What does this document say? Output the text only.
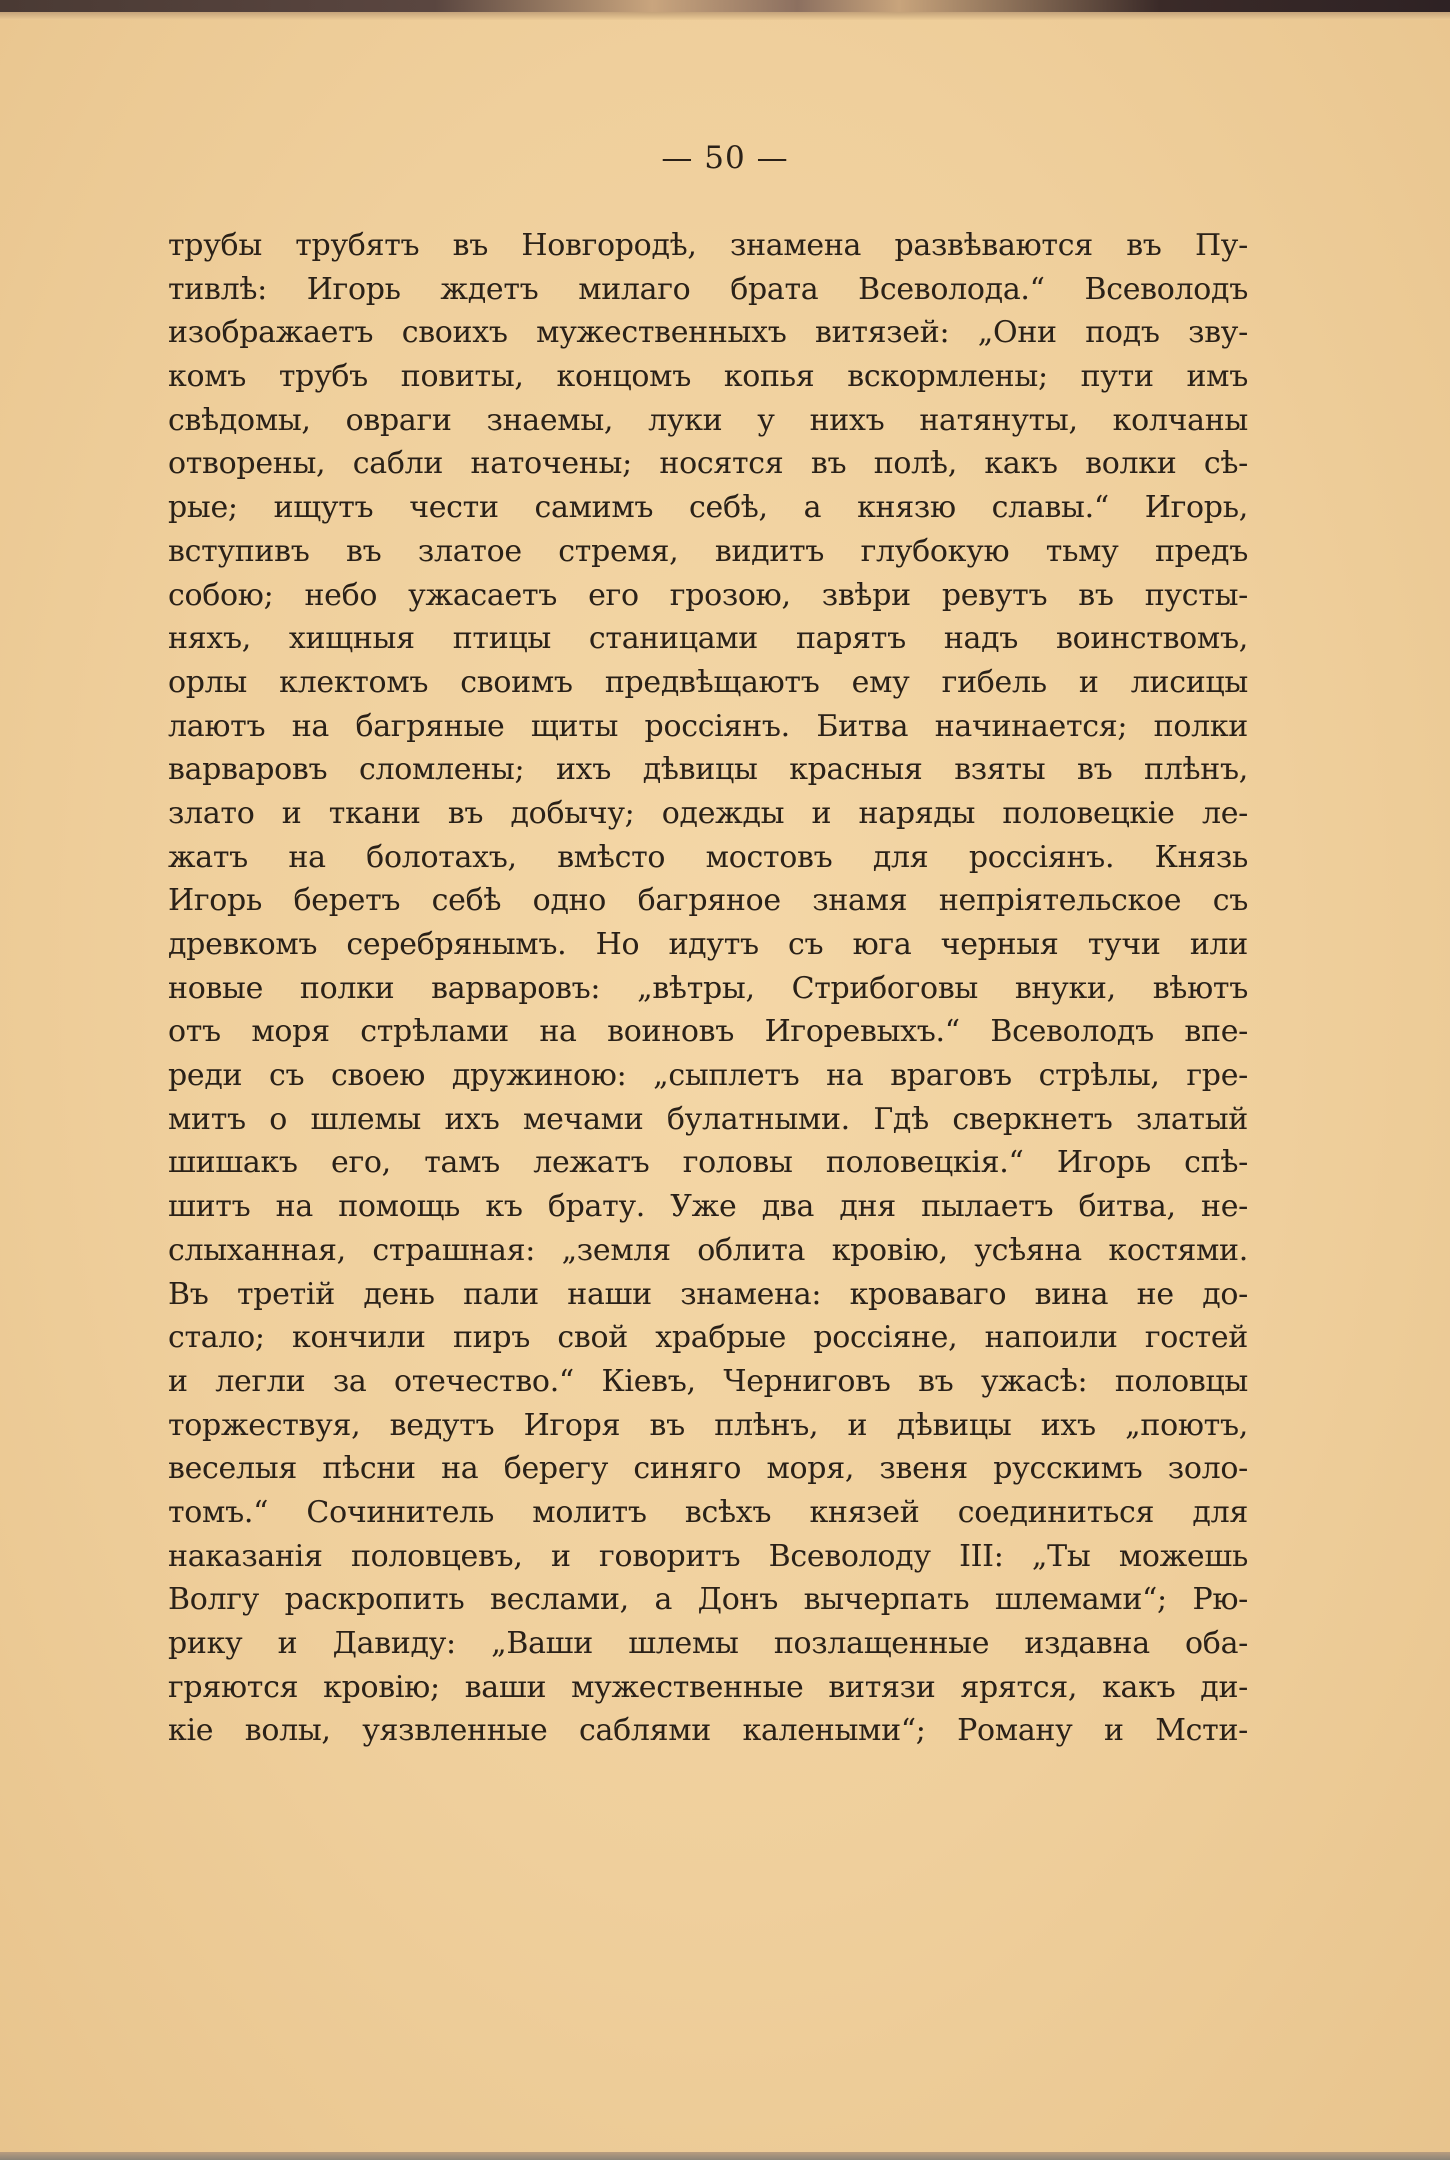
— 50 —
трубы трубятъ въ Новгородѣ, знамена развѣваются въ Пу-
тивлѣ: Игорь ждетъ милаго брата Всеволода.“ Всеволодъ
изображаетъ своихъ мужественныхъ витязей: „Они подъ зву-
комъ трубъ повиты, концомъ копья вскормлены; пути имъ
свѣдомы, овраги знаемы, луки у нихъ натянуты, колчаны
отворены, сабли наточены; носятся въ полѣ, какъ волки сѣ-
рые; ищутъ чести самимъ себѣ, а князю славы.“ Игорь,
вступивъ въ златое стремя, видитъ глубокую тьму предъ
собою; небо ужасаетъ его грозою, звѣри ревутъ въ пусты-
няхъ, хищныя птицы станицами парятъ надъ воинствомъ,
орлы клектомъ своимъ предвѣщаютъ ему гибель и лисицы
лаютъ на багряные щиты россіянъ. Битва начинается; полки
варваровъ сломлены; ихъ дѣвицы красныя взяты въ плѣнъ,
злато и ткани въ добычу; одежды и наряды половецкіе ле-
жатъ на болотахъ, вмѣсто мостовъ для россіянъ. Князь
Игорь беретъ себѣ одно багряное знамя непріятельское съ
древкомъ серебрянымъ. Но идутъ съ юга черныя тучи или
новые полки варваровъ: „вѣтры, Стрибоговы внуки, вѣютъ
отъ моря стрѣлами на воиновъ Игоревыхъ.“ Всеволодъ впе-
реди съ своею дружиною: „сыплетъ на враговъ стрѣлы, гре-
митъ о шлемы ихъ мечами булатными. Гдѣ сверкнетъ златый
шишакъ его, тамъ лежатъ головы половецкія.“ Игорь спѣ-
шитъ на помощь къ брату. Уже два дня пылаетъ битва, не-
слыханная, страшная: „земля облита кровію, усѣяна костями.
Въ третій день пали наши знамена: кроваваго вина не до-
стало; кончили пиръ свой храбрые россіяне, напоили гостей
и легли за отечество.“ Кіевъ, Черниговъ въ ужасѣ: половцы
торжествуя, ведутъ Игоря въ плѣнъ, и дѣвицы ихъ „поютъ,
веселыя пѣсни на берегу синяго моря, звеня русскимъ золо-
томъ.“ Сочинитель молитъ всѣхъ князей соединиться для
наказанія половцевъ, и говоритъ Всеволоду III: „Ты можешь
Волгу раскропить веслами, а Донъ вычерпать шлемами“; Рю-
рику и Давиду: „Ваши шлемы позлащенные издавна оба-
гряются кровію; ваши мужественные витязи ярятся, какъ ди-
кіе волы, уязвленные саблями калеными“; Роману и Мсти-
